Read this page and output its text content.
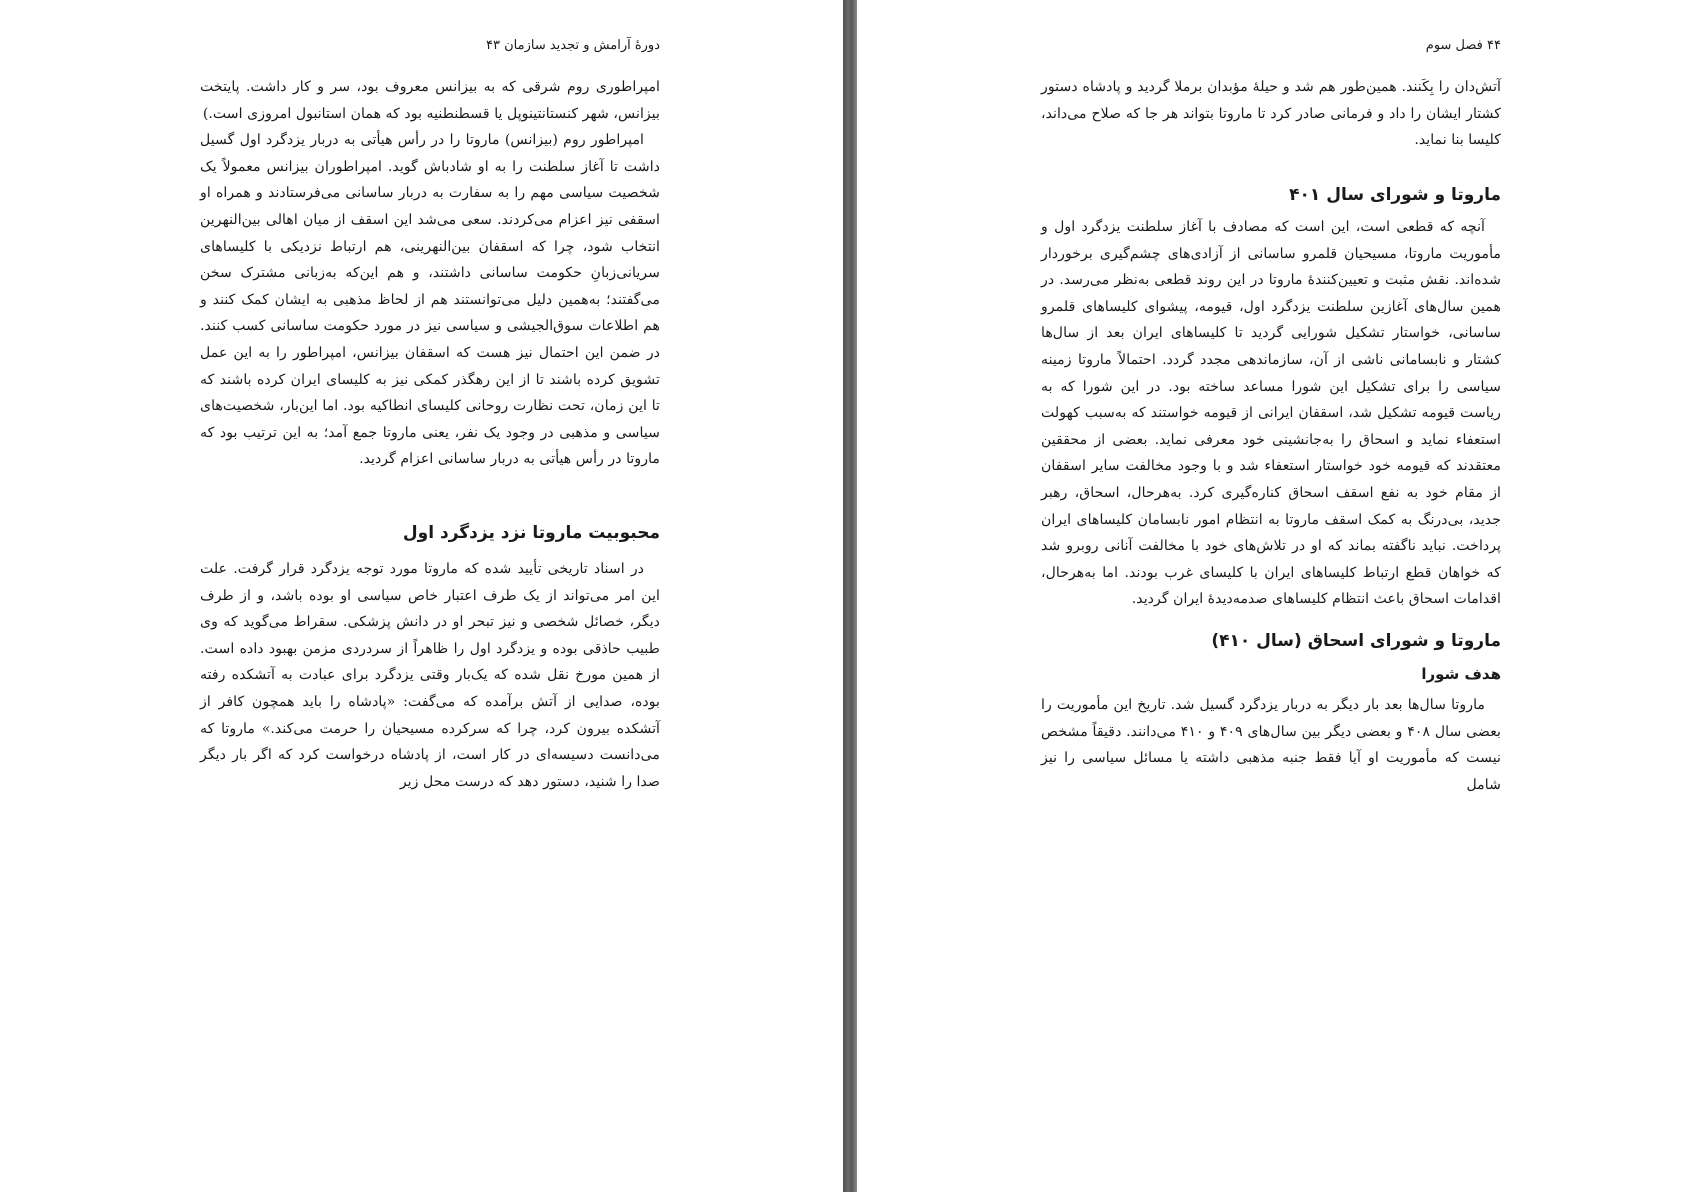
دورهٔ آرامش و تجدید سازمان ۴۳

امپراطوری روم شرقی که به بیزانس معروف بود، سر و کار داشت. پایتخت بیزانس، شهر کنستانتینوپل یا قسطنطنیه بود که همان استانبول امروزی است.)

امپراطور روم (بیزانس) ماروتا را در رأس هیأتی به دربار یزدگرد اول گسیل داشت تا آغاز سلطنت را به او شادباش گوید. امپراطوران بیزانس معمولاً یک شخصیت سیاسی مهم را به سفارت به دربار ساسانی می‌فرستادند و همراه او اسقفی نیز اعزام می‌کردند. سعی می‌شد این اسقف از میان اهالی بین‌النهرین انتخاب شود، چرا که اسقفان بین‌النهرینی، هم ارتباط نزدیکی با کلیساهای سریانی‌زبانِ حکومت ساسانی داشتند، و هم این‌که به‌زبانی مشترک سخن می‌گفتند؛ به‌همین دلیل می‌توانستند هم از لحاظ مذهبی به ایشان کمک کنند و هم اطلاعات سوق‌الجیشی و سیاسی نیز در مورد حکومت ساسانی کسب کنند. در ضمن این احتمال نیز هست که اسقفان بیزانس، امپراطور را به این عمل تشویق کرده باشند تا از این رهگذر کمکی نیز به کلیسای ایران کرده باشند که تا این زمان، تحت نظارت روحانی کلیسای انطاکیه بود. اما این‌بار، شخصیت‌های سیاسی و مذهبی در وجود یک نفر، یعنی ماروتا جمع آمد؛ به این ترتیب بود که ماروتا در رأس هیأتی به دربار ساسانی اعزام گردید.

محبوبیت ماروتا نزد یزدگرد اول

در اسناد تاریخی تأیید شده که ماروتا مورد توجه یزدگرد قرار گرفت. علت این امر می‌تواند از یک طرف اعتبار خاص سیاسی او بوده باشد، و از طرف دیگر، خصائل شخصی و نیز تبحر او در دانش پزشکی. سقراط می‌گوید که وی طبیب حاذقی بوده و یزدگرد اول را ظاهراً از سردردی مزمن بهبود داده است. از همین مورخ نقل شده که یک‌بار وقتی یزدگرد برای عبادت به آتشکده رفته بوده، صدایی از آتش برآمده که می‌گفت: «پادشاه را باید همچون کافر از آتشکده بیرون کرد، چرا که سرکرده مسیحیان را حرمت می‌کند.» ماروتا که می‌دانست دسیسه‌ای در کار است، از پادشاه درخواست کرد که اگر بار دیگر صدا را شنید، دستور دهد که درست محل زیر

۴۴ فصل سوم

آتش‌دان را بِکَنند. همین‌طور هم شد و حیلهٔ مؤبدان برملا گردید و پادشاه دستور کشتار ایشان را داد و فرمانی صادر کرد تا ماروتا بتواند هر جا که صلاح می‌داند، کلیسا بنا نماید.

ماروتا و شورای سال ۴۰۱

آنچه که قطعی است، این است که مصادف با آغاز سلطنت یزدگرد اول و مأموریت ماروتا، مسیحیان قلمرو ساسانی از آزادی‌های چشم‌گیری برخوردار شده‌اند. نقش مثبت و تعیین‌کنندهٔ ماروتا در این روند قطعی به‌نظر می‌رسد. در همین سال‌های آغازین سلطنت یزدگرد اول، قیومه، پیشوای کلیساهای قلمرو ساسانی، خواستار تشکیل شورایی گردید تا کلیساهای ایران بعد از سال‌ها کشتار و نابسامانی ناشی از آن، سازماندهی مجدد گردد. احتمالاً ماروتا زمینه سیاسی را برای تشکیل این شورا مساعد ساخته بود. در این شورا که به ریاست قیومه تشکیل شد، اسقفان ایرانی از قیومه خواستند که به‌سبب کهولت استعفاء نماید و اسحاق را به‌جانشینی خود معرفی نماید. بعضی از محققین معتقدند که قیومه خود خواستار استعفاء شد و با وجود مخالفت سایر اسقفان از مقام خود به نفع اسقف اسحاق کناره‌گیری کرد. به‌هرحال، اسحاق، رهبر جدید، بی‌درنگ به کمک اسقف ماروتا به انتظام امور نابسامان کلیساهای ایران پرداخت. نباید ناگفته بماند که او در تلاش‌های خود با مخالفت آنانی روبرو شد که خواهان قطع ارتباط کلیساهای ایران با کلیسای غرب بودند. اما به‌هرحال، اقدامات اسحاق باعث انتظام کلیساهای صدمه‌دیدهٔ ایران گردید.

ماروتا و شورای اسحاق (سال ۴۱۰)
هدف شورا

ماروتا سال‌ها بعد بار دیگر به دربار یزدگرد گسیل شد. تاریخ این مأموریت را بعضی سال ۴۰۸ و بعضی دیگر بین سال‌های ۴۰۹ و ۴۱۰ می‌دانند. دقیقاً مشخص نیست که مأموریت او آیا فقط جنبه مذهبی داشته یا مسائل سیاسی را نیز شامل
